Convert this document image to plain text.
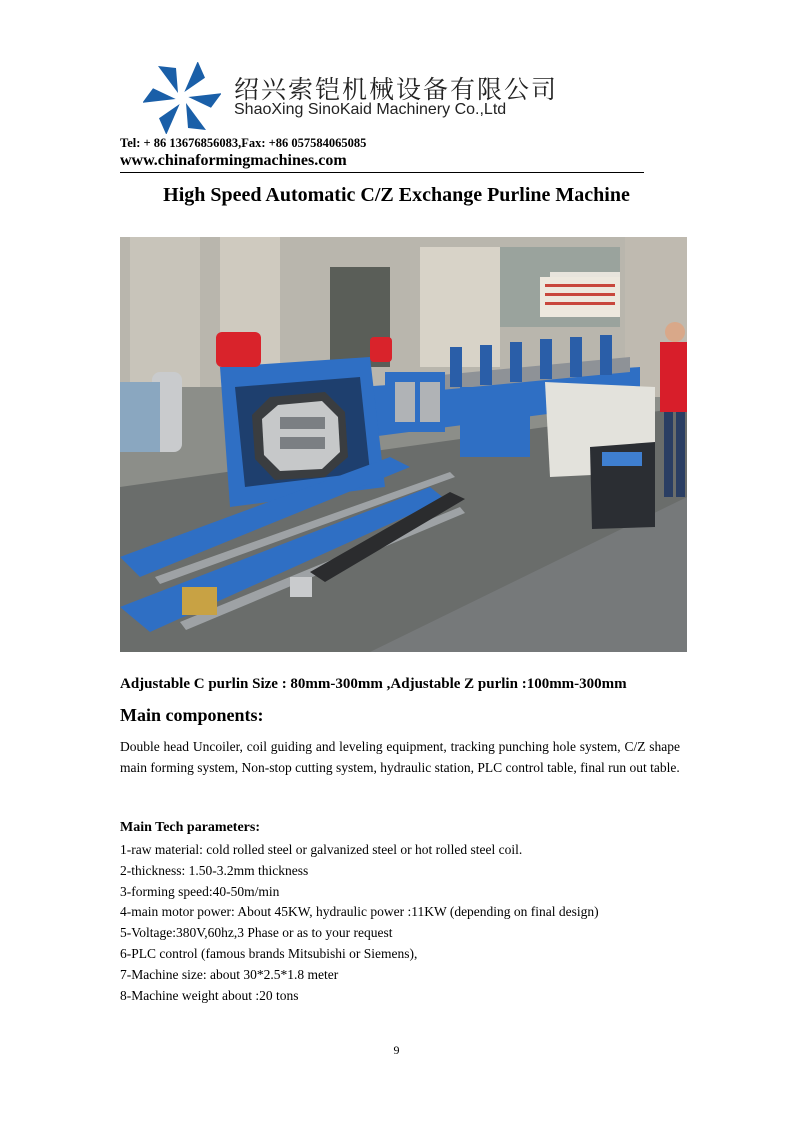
绍兴索铠机械设备有限公司
ShaoXing SinoKaid Machinery Co.,Ltd
Tel: + 86 13676856083,Fax: +86 057584065085
www.chinaformingmachines.com
High Speed Automatic C/Z Exchange Purline Machine
Adjustable C purlin Size : 80mm-300mm ,Adjustable Z purlin :100mm-300mm
Main components:
Double head Uncoiler, coil guiding and leveling equipment, tracking punching hole system, C/Z shape main forming system, Non-stop cutting system, hydraulic station, PLC control table, final run out table.
Main Tech parameters:
1-raw material: cold rolled steel or galvanized steel or hot rolled steel coil.
2-thickness: 1.50-3.2mm thickness
3-forming speed:40-50m/min
4-main motor power: About 45KW, hydraulic power :11KW (depending on final design)
5-Voltage:380V,60hz,3 Phase or as to your request
6-PLC control (famous brands Mitsubishi or Siemens),
7-Machine size: about 30*2.5*1.8 meter
8-Machine weight about :20 tons
9
